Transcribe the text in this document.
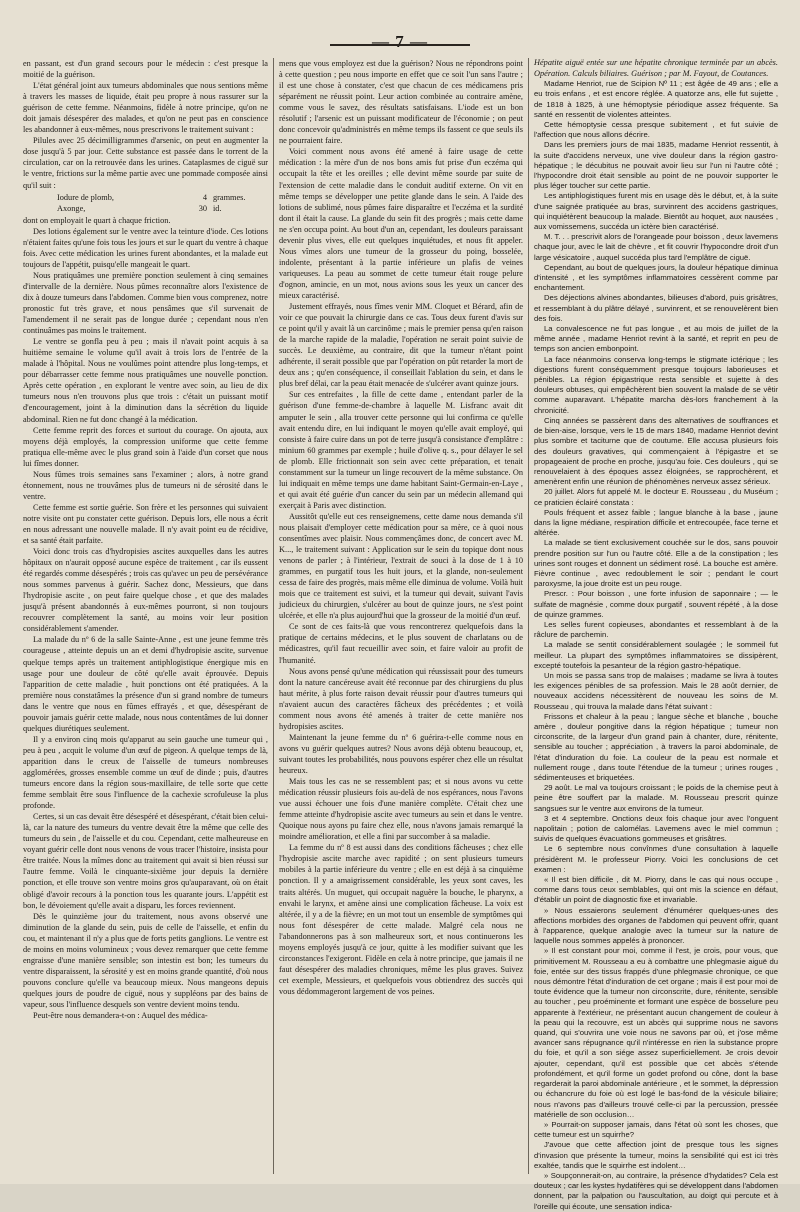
— 7 —

en passant, est d'un grand secours pour le médecin : c'est presque la moitié de la guérison.

L'état général joint aux tumeurs abdominales que nous sentions même à travers les masses de liquide, était peu propre à nous rassurer sur la guérison de cette femme. Néanmoins, fidèle à notre principe, qu'on ne doit jamais désespérer des malades, et qu'on ne peut pas en conscience les abandonner à eux-mêmes, nous prescrivons le traitement suivant :

Pilules avec 25 décimilligrammes d'arsenic, on peut en augmenter la dose jusqu'à 5 par jour. Cette substance est passée dans le torrent de la circulation, car on la retrouvée dans les urines. Cataplasmes de ciguë sur le ventre, frictions sur la même partie avec une pommade composée ainsi qu'il suit :

Iodure de plomb,	4 grammes.
Axonge,	30 id.

dont on employait le quart à chaque friction.

Des lotions également sur le ventre avec la teinture d'iode. Ces lotions n'étaient faites qu'une fois tous les jours et sur le quart du ventre à chaque fois. Avec cette médication les urines furent abondantes, et la malade eut toujours de l'appétit, puisqu'elle mangeait le quart.

Nous pratiquâmes une première ponction seulement à cinq semaines d'intervalle de la dernière. Nous pûmes reconnaître alors l'existence de dix à douze tumeurs dans l'abdomen. Comme bien vous comprenez, notre pronostic fut très grave, et nous pensâmes que s'il survenait de l'amendement il ne serait pas de longue durée ; cependant nous n'en continuâmes pas moins le traitement.

Le ventre se gonfla peu à peu ; mais il n'avait point acquis à sa huitième semaine le volume qu'il avait à trois lors de l'entrée de la malade à l'hôpital. Nous ne voulûmes point attendre plus long-temps, et pour débarrasser cette femme nous pratiquâmes une nouvelle ponction. Après cette opération , en explorant le ventre avec soin, au lieu de dix tumeurs nous n'en trouvons plus que trois : c'était un puissant motif d'encouragement, joint à la diminution dans la sécrétion du liquide abdominal. Rien ne fut donc changé à la médication.

Cette femme reprit des forces et surtout du courage. On ajouta, aux moyens déjà employés, la compression uniforme que cette femme pratiqua elle-même avec le plus grand soin à l'aide d'un corset que nous lui fîmes donner.

Nous fûmes trois semaines sans l'examiner ; alors, à notre grand étonnement, nous ne trouvâmes plus de tumeurs ni de sérosité dans le ventre.

Cette femme est sortie guérie. Son frère et les personnes qui suivaient notre visite ont pu constater cette guérison. Depuis lors, elle nous a écrit en nous adressant une nouvelle malade. Il n'y avait point eu de récidive, et sa santé était parfaite.

Voici donc trois cas d'hydropisies ascites auxquelles dans les autres hôpitaux on n'aurait opposé aucune espèce de traitement , car ils eussent été regardés comme désespérés ; trois cas qu'avec un peu de persévérance nous sommes parvenus à guérir. Sachez donc, Messieurs, que dans l'hydropisie ascite , on peut faire quelque chose , et que des malades jusqu'à présent abandonnés à eux-mêmes pourront, si non toujours recouvrer complètement la santé, au moins voir leur position considérablement s'amender.

La malade du nº 6 de la salle Sainte-Anne , est une jeune femme très courageuse , atteinte depuis un an et demi d'hydropisie ascite, survenue quelque temps après un traitement antiphlogistique énergique mis en usage pour une douleur de côté qu'elle avait éprouvée. Depuis l'apparition de cette maladie , huit ponctions ont été pratiquées. A la première nous constatâmes la présence d'un si grand nombre de tumeurs dans le ventre que nous en fûmes effrayés , et que, désespérant de pouvoir jamais guérir cette malade, nous nous contentâmes de lui donner quelques diurétiques seulement.

Il y a environ cinq mois qu'apparut au sein gauche une tumeur qui , peu à peu , acquit le volume d'un œuf de pigeon. A quelque temps de là, apparition dans le creux de l'aisselle de tumeurs nombreuses agglomérées, grosses ensemble comme un œuf de dinde ; puis, d'autres tumeurs encore dans la région sous-maxillaire, de telle sorte que cette femme semblait être sous l'influence de la cachexie scrofuleuse la plus profonde.

Certes, si un cas devait être désespéré et désespérant, c'était bien celui-là, car la nature des tumeurs du ventre devait être la même que celle des tumeurs du sein , de l'aisselle et du cou. Cependant, cette malheureuse en voyant guérir celle dont nous venons de vous tracer l'histoire, insista pour être traitée. Nous la mîmes donc au traitement qui avait si bien réussi sur l'autre femme. Voilà le cinquante-sixième jour depuis la dernière ponction, et elle trouve son ventre moins gros qu'auparavant, où on était obligé d'avoir recours à la ponction tous les quarante jours. L'appétit est bon, le dévoiement qu'elle avait a disparu, les forces reviennent.

Dès le quinzième jour du traitement, nous avons observé une diminution de la glande du sein, puis de celle de l'aisselle, et enfin du cou, et maintenant il n'y a plus que de forts petits ganglions. Le ventre est de moins en moins volumineux ; vous devez remarquer que cette femme engraisse d'une manière sensible; son intestin est bon; les tumeurs du ventre disparaissent, la sérosité y est en moins grande quantité, d'où nous pouvons conclure qu'elle va beaucoup mieux. Nous mangeons depuis quelques jours de poudre de ciguë, nous y suppléons par des bains de vapeur, sous l'influence desquels son ventre devient moins tendu.

Peut-être nous demandera-t-on : Auquel des médica-

mens que vous employez est due la guérison? Nous ne répondrons point à cette question ; peu nous importe en effet que ce soit l'un sans l'autre ; il est une chose à constater, c'est que chacun de ces médicamens pris séparément ne réussit point. Leur action combinée au contraire amène, comme vous le savez, des résultats satisfaisans. L'iode est un bon résolutif ; l'arsenic est un puissant modificateur de l'économie ; on peut donc concevoir qu'administrés en même temps ils fassent ce que seuls ils ne pourraient faire.

Voici comment nous avons été amené à faire usage de cette médication : la mère d'un de nos bons amis fut prise d'un eczéma qui occupait la tête et les oreilles ; elle devint même sourde par suite de l'extension de cette maladie dans le conduit auditif externe. On vit en même temps se développer une petite glande dans le sein. A l'aide des lotions de sublimé, nous pûmes faire disparaître et l'eczéma et la surdité dont il était la cause. La glande du sein fit des progrès ; mais cette dame ne s'en occupa point. Au bout d'un an, cependant, les douleurs paraissant devenir plus vives, elle eut quelques inquiétudes, et nous fit appeler. Nous vîmes alors une tumeur de la grosseur du poing, bosselée, indolente, présentant à la partie inférieure un plafis de veines variqueuses. La peau au sommet de cette tumeur était rouge pelure d'ognon, amincie, en un mot, nous avions sous les yeux un cancer des mieux caractérisé.

Justement effrayés, nous fîmes venir MM. Cloquet et Bérard, afin de voir ce que pouvait la chirurgie dans ce cas. Tous deux furent d'avis sur ce point qu'il y avait là un carcinôme ; mais le premier pensa qu'en raison de la marche rapide de la maladie, l'opération ne serait point suivie de succès. Le deuxième, au contraire, dit que la tumeur n'étant point adhérente, il serait possible que par l'opération on pût retarder la mort de deux ans ; qu'en conséquence, il conseillait l'ablation du sein, et dans le plus bref délai, car la peau était menacée de s'ulcérer avant quinze jours.

Sur ces entrefaites , la fille de cette dame , entendant parler de la guérison d'une femme-de-chambre à laquelle M. Lisfranc avait dit amputer le sein , alla trouver cette personne qui lui confirma ce qu'elle avait entendu dire, en lui indiquant le moyen qu'elle avait employé, qui consiste à faire cuire dans un pot de terre jusqu'à consistance d'emplâtre : minium 60 grammes par exemple ; huile d'olive q. s., pour délayer le sel de plomb. Elle frictionnait son sein avec cette préparation, et tenait constamment sur la tumeur un linge recouvert de la même substance. On lui indiquait en même temps une dame habitant Saint-Germain-en-Laye , et qui avait été guérie d'un cancer du sein par un médecin allemand qui exerçait à Paris avec distinction.

Aussitôt qu'elle eut ces renseignemens, cette dame nous demanda s'il nous plaisait d'employer cette médication pour sa mère, ce à quoi nous consentîmes avec plaisir. Nous commençâmes donc, de concert avec M. K..., le traitement suivant : Application sur le sein du topique dont nous venons de parler ; à l'intérieur, l'extrait de souci à la dose de 1 à 10 grammes, en purgatif tous les huit jours, et la glande, non-seulement cessa de faire des progrès, mais même elle diminua de volume. Voilà huit mois que ce traitement est suivi, et la tumeur qui devait, suivant l'avis judicieux du chirurgien, s'ulcérer au bout de quinze jours, ne s'est point ulcérée, et elle n'a plus aujourd'hui que la grosseur de la moitié d'un œuf.

Ce sont de ces faits-là que vous rencontrerez quelquefois dans la pratique de certains médecins, et le plus souvent de charlatans ou de médicastres, qu'il faut recueillir avec soin, et faire valoir au profit de l'humanité.

Nous avons pensé qu'une médication qui réussissait pour des tumeurs dont la nature cancéreuse avait été reconnue par des chirurgiens du plus haut mérite, à plus forte raison devait réussir pour d'autres tumeurs qui n'avaient aucun des caractères fâcheux des précédentes ; et voilà comment nous avons été amenés à traiter de cette manière nos hydropisies ascites.

Maintenant la jeune femme du nº 6 guérira-t-elle comme nous en avons vu guérir quelques autres? Nous avons déjà obtenu beaucoup, et, suivant toutes les probabilités, nous pouvons espérer chez elle un résultat heureux.

Mais tous les cas ne se ressemblent pas; et si nous avons vu cette médication réussir plusieurs fois au-delà de nos espérances, nous l'avons vue aussi échouer une fois d'une manière complète. C'était chez une femme atteinte d'hydropisie ascite avec tumeurs au sein et dans le ventre. Quoique nous ayons pu faire chez elle, nous n'avons jamais remarqué la moindre amélioration, et elle a fini par succomber à sa maladie.

La femme du nº 8 est aussi dans des conditions fâcheuses ; chez elle l'hydropisie ascite marche avec rapidité ; on sent plusieurs tumeurs mobiles à la partie inférieure du ventre ; elle en est déjà à sa cinquième ponction. Il y a amaigrissement considérable, les yeux sont caves, les traits altérés. Un muguet, qui occupait naguère la bouche, le pharynx, a envahi le larynx, et amène ainsi une complication fâcheuse. La voix est altérée, il y a de la fièvre; en un mot tout un ensemble de symptômes qui nous font désespérer de cette malade. Malgré cela nous ne l'abandonnerons pas à son malheureux sort, et nous continuerons les moyens employés jusqu'à ce jour, quitte à les modifier suivant que les circonstances l'exigeront. Fidèle en cela à notre principe, que jamais il ne faut désespérer des maladies chroniques, même les plus graves. Suivez cet exemple, Messieurs, et quelquefois vous obtiendrez des succès qui vous dédommageront largement de vos peines.

Hépatite aiguë entée sur une hépatite chronique terminée par un abcès. Opération. Calculs biliaires. Guérison ; par M. Fayout, de Coutances.

Madame Henriot, rue de Scipion Nº 11 ; est âgée de 49 ans ; elle a eu trois enfans , et est encore réglée. A quatorze ans, elle fut sujette , de 1818 à 1825, à une hémoptysie périodique assez fréquente. Sa santé en ressentit de violentes atteintes.

Cette hémoptysie cessa presque subitement , et fut suivie de l'affection que nous allons décrire.

Dans les premiers jours de mai 1835, madame Henriot ressentit, à la suite d'accidens nerveux, une vive douleur dans la région gastro-hépatique ; le décubitus ne pouvait avoir lieu sur l'un ni l'autre côté ; l'hypocondre droit était sensible au point de ne pouvoir supporter le plus léger toucher sur cette partie.

Les antiphlogistiques furent mis en usage dès le début, et, à la suite d'une saignée pratiquée au bras, survinrent des accidens gastriques, qui inquiétèrent beaucoup la malade. Bientôt au hoquet, aux nausées , aux vomissemens, succéda un ictère bien caractérisé.

M. T. . . prescrivit alors de l'orangeade pour boisson , deux lavemens chaque jour, avec le lait de chèvre , et fit couvrir l'hypocondre droit d'un large vésicatoire , auquel succéda plus tard l'emplâtre de ciguë.

Cependant, au bout de quelques jours, la douleur hépatique diminua d'intensité , et les symptômes inflammatoires cessèrent comme par enchantement.

Des déjections alvines abondantes, bilieuses d'abord, puis grisâtres, et ressemblant à du plâtre délayé , survinrent, et se renouvelèrent bien des fois.

La convalescence ne fut pas longue , et au mois de juillet de la même année , madame Henriot revint à la santé, et reprit en peu de temps son ancien embonpoint.

La face néanmoins conserva long-temps le stigmate ictérique ; les digestions furent conséquemment presque toujours laborieuses et pénibles. La région épigastrique resta sensible et sujette à des douleurs obtuses, qui empêchèrent bien souvent la malade de se vêtir comme auparavant. L'hépatite marcha dès-lors franchement à la chronicité.

Cinq années se passèrent dans des alternatives de souffrances et de bien-aise, lorsque, vers le 15 de mars 1840, madame Henriot devint plus sombre et taciturne que de coutume. Elle accusa plusieurs fois des douleurs gravatives, qui commençaient à l'épigastre et se propageaient de proche en proche, jusqu'au foie. Ces douleurs , qui se renouvelaient à des époques assez éloignées, se rapprochèrent, et amenèrent enfin une réunion de phénomènes nerveux assez sérieux.

20 juillet. Alors fut appelé M. le docteur E. Rousseau , du Muséum ; ce praticien éclairé constata :

Pouls fréquent et assez faible ; langue blanche à la base , jaune dans la ligne médiane, respiration difficile et entrecoupée, face terne et altérée.

La malade se tient exclusivement couchée sur le dos, sans pouvoir prendre position sur l'un ou l'autre côté. Elle a de la constipation ; les urines sont rouges et donnent un sédiment rosé. La bouche est amère. Fièvre continue , avec redoublement le soir ; pendant le court paroxysme, la joue droite est un peu rouge.

Prescr. : Pour boisson , une forte infusion de saponnaire ; — le sulfate de magnésie , comme doux purgatif , souvent répété , à la dose de quinze grammes.

Les selles furent copieuses, abondantes et ressemblant à de la râclure de parchemin.

La malade se sentit considérablement soulagée ; le sommeil fut meilleur. La plupart des symptômes inflammatoires se dissipèrent, excepté toutefois la pesanteur de la région gastro-hépatique.

Un mois se passa sans trop de malaises ; madame se livra à toutes les exigences pénibles de sa profession. Mais le 28 août dernier, de nouveaux accidens nécessitèrent de nouveau les soins de M. Rousseau , qui trouva la malade dans l'état suivant :

Frissons et chaleur à la peau ; langue sèche et blanche , bouche amère , douleur pongitive dans la région hépatique ; tumeur non circonscrite, de la largeur d'un grand pain à chanter, dure, rénitente, sensible au toucher ; appréciation , à travers la paroi abdominale, de l'état d'induration du foie. La couleur de la peau est normale et nullement rouge , dans toute l'étendue de la tumeur ; urines rouges , sédimenteuses et briquetées.

29 août. Le mal va toujours croissant ; le poids de la chemise peut à peine être souffert par la malade. M. Rousseau prescrit quinze sangsues sur le ventre aux environs de la tumeur.

3 et 4 septembre. Onctions deux fois chaque jour avec l'onguent napolitain ; potion de calomélas. Lavemens avec le miel commun ; suivis de quelques évacuations gommeuses et grisâtres.

Le 6 septembre nous convînmes d'une consultation à laquelle présidèrent M. le professeur Piorry. Voici les conclusions de cet examen :

« Il est bien difficile , dit M. Piorry, dans le cas qui nous occupe , comme dans tous ceux semblables, qui ont mis la science en défaut, d'établir un point de diagnostic fixe et invariable.

» Nous essaierons seulement d'énumérer quelques-unes des affections morbides des organes de l'abdomen qui peuvent offrir, quant à l'apparence, quelque analogie avec la tumeur sur la nature de laquelle nous sommes appelés à prononcer.

» Il est constant pour moi, comme il l'est, je crois, pour vous, que primitivement M. Rousseau a eu à combattre une phlegmasie aiguë du foie, entée sur des tissus frappés d'une phlegmasie chronique, ce que nous démontre l'état d'induration de cet organe ; mais il est pour moi de toute évidence que la tumeur non circonscrite, dure, rénitente, sensible au toucher , peu proéminente et formant une espèce de bosselure peu apparente à l'extérieur, ne présentant aucun changement de couleur à la peau qui la recouvre, est un abcès qui supprime nous ne savons quand, qui s'ouvrira une voie nous ne savons par où, et j'ose même avancer sans répugnance qu'il n'intéresse en rien la substance propre du foie, et qu'il a son siége assez superficiellement. Je crois devoir ajouter, cependant, qu'il est possible que cet abcès s'étende profondément, et qu'il forme un godet profond ou cône, dont la base regarderait la paroi abdominale antérieure , et le sommet, la dépression ou échancrure du foie où est logé le bas-fond de la vésicule biliaire; nous n'avons pas d'ailleurs trouvé celle-ci par la percussion, pressée matérielle de son occlusion…

» Pourrait-on supposer jamais, dans l'état où sont les choses, que cette tumeur est un squirrhe?

J'avoue que cette affection joint de presque tous les signes d'invasion que présente la tumeur, moins la sensibilité qui est ici très exaltée, tandis que le squirrhe est indolent…

» Soupçonnerait-on, au contraire, la présence d'hydatides? Cela est douteux ; car les kystes hydatifères qui se développent dans l'abdomen donnent, par la palpation ou l'auscultation, au doigt qui percute et à l'oreille qui écoute, une sensation indica-
